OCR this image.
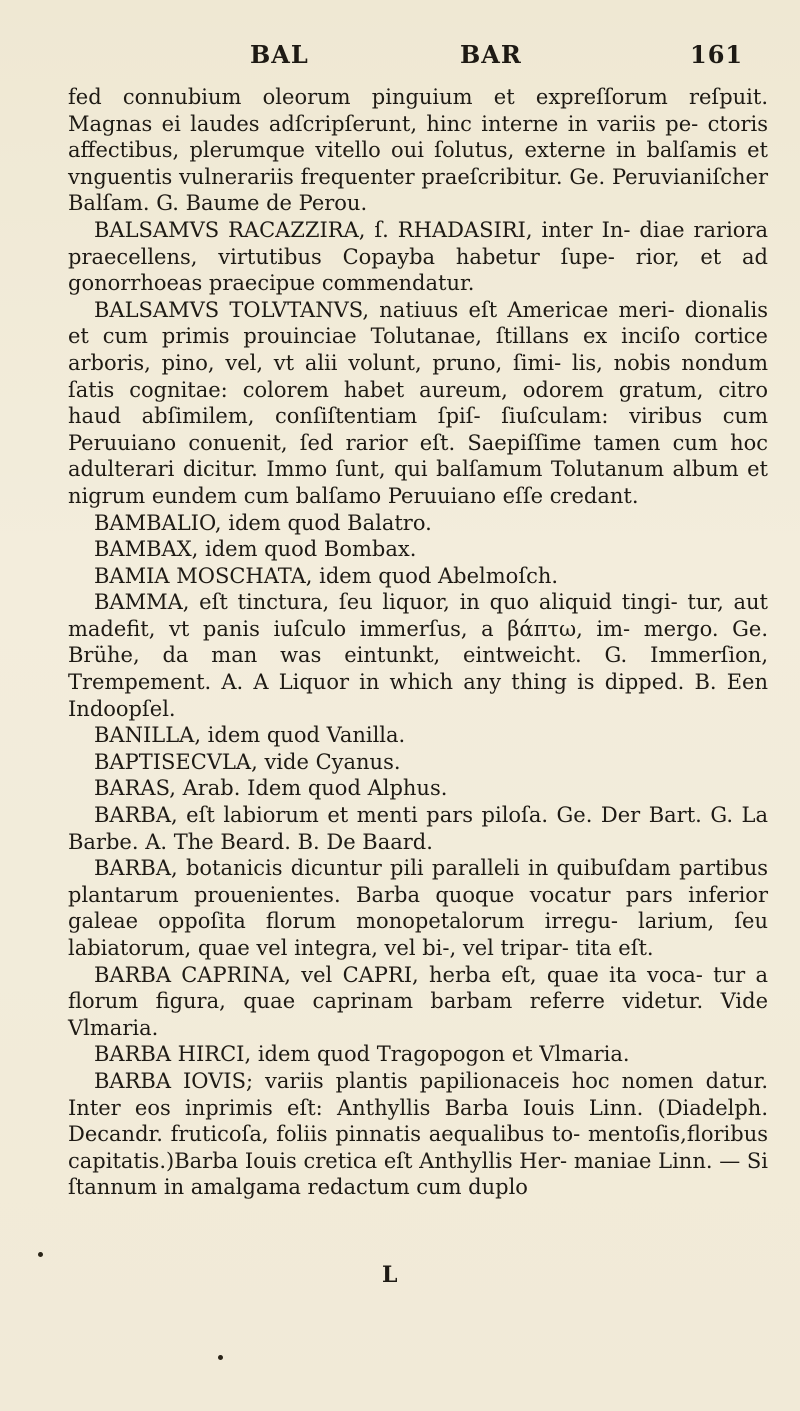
BAL	BAR	161

fed connubium oleorum pinguium et expreſſorum reſpuit. Magnas ei laudes adſcripſerunt, hinc interne in variis pe- ctoris affectibus, plerumque vitello oui ſolutus, externe in balſamis et vnguentis vulnerariis frequenter praeſcribitur. Ge. Peruvianiſcher Balſam. G. Baume de Perou.

BALSAMVS RACAZZIRA, ſ. RHADASIRI, inter In- diae rariora praecellens, virtutibus Copayba habetur ſupe- rior, et ad gonorrhoeas praecipue commendatur.

BALSAMVS TOLVTANVS, natiuus eſt Americae meri- dionalis et cum primis prouinciae Tolutanae, ſtillans ex inciſo cortice arboris, pino, vel, vt alii volunt, pruno, ſimi- lis, nobis nondum ſatis cognitae: colorem habet aureum, odorem gratum, citro haud abſimilem, conſiſtentiam ſpiſ- ſiuſculam: viribus cum Peruuiano conuenit, ſed rarior eſt. Saepiſſime tamen cum hoc adulterari dicitur. Immo ſunt, qui balſamum Tolutanum album et nigrum eundem cum balſamo Peruuiano eſſe credant.

BAMBALIO, idem quod Balatro.

BAMBAX, idem quod Bombax.

BAMIA MOSCHATA, idem quod Abelmoſch.

BAMMA, eſt tinctura, ſeu liquor, in quo aliquid tingi- tur, aut madefit, vt panis iuſculo immerſus, a βάπτω, im- mergo. Ge. Brühe, da man was eintunkt, eintweicht. G. Immerſion, Trempement. A. A Liquor in which any thing is dipped. B. Een Indoopſel.

BANILLA, idem quod Vanilla.

BAPTISECVLA, vide Cyanus.

BARAS, Arab. Idem quod Alphus.

BARBA, eſt labiorum et menti pars piloſa. Ge. Der Bart. G. La Barbe. A. The Beard. B. De Baard.

BARBA, botanicis dicuntur pili paralleli in quibuſdam partibus plantarum prouenientes. Barba quoque vocatur pars inferior galeae oppoſita florum monopetalorum irregu- larium, ſeu labiatorum, quae vel integra, vel bi-, vel tripar- tita eſt.

BARBA CAPRINA, vel CAPRI, herba eſt, quae ita voca- tur a florum figura, quae caprinam barbam referre videtur. Vide Vlmaria.

BARBA HIRCI, idem quod Tragopogon et Vlmaria.

BARBA IOVIS; variis plantis papilionaceis hoc nomen datur. Inter eos inprimis eſt: Anthyllis Barba Iouis Linn. (Diadelph. Decandr. fruticoſa, foliis pinnatis aequalibus to- mentoſis,floribus capitatis.)Barba Iouis cretica eſt Anthyllis Her- maniae Linn. — Si ſtannum in amalgama redactum cum duplo

L
